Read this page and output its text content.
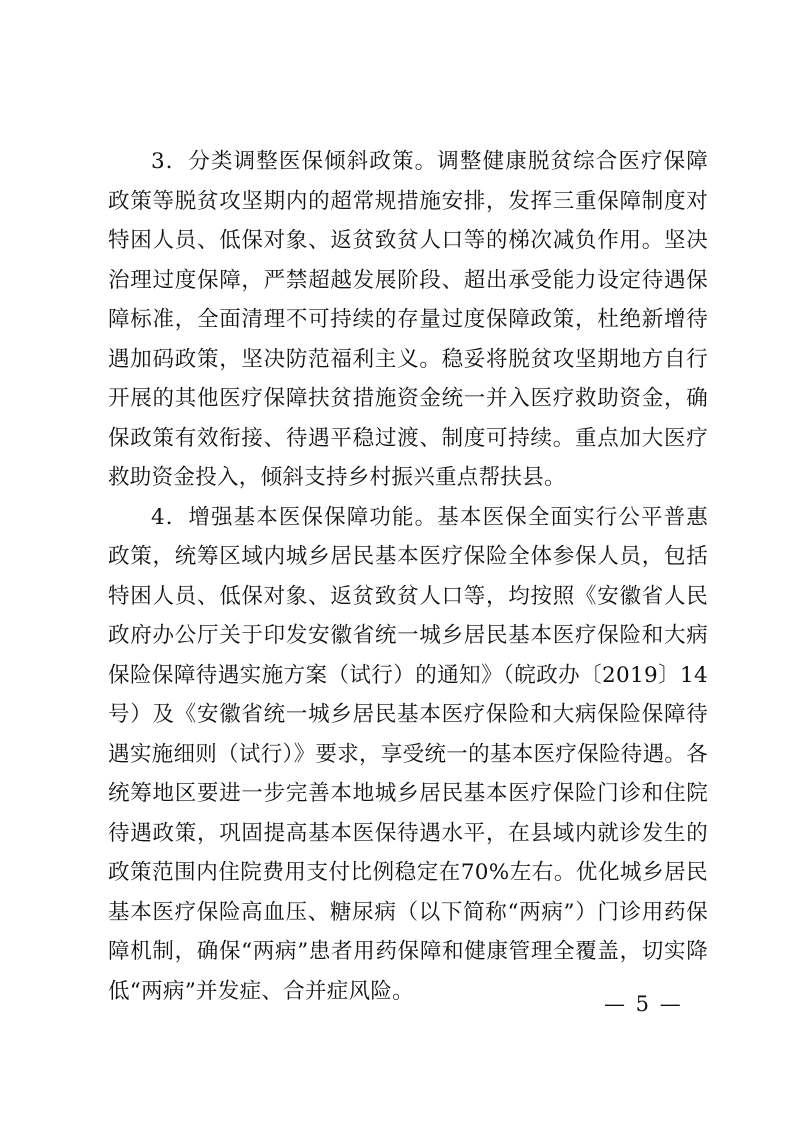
3．分类调整医保倾斜政策。调整健康脱贫综合医疗保障政策等脱贫攻坚期内的超常规措施安排，发挥三重保障制度对特困人员、低保对象、返贫致贫人口等的梯次减负作用。坚决治理过度保障，严禁超越发展阶段、超出承受能力设定待遇保障标准，全面清理不可持续的存量过度保障政策，杜绝新增待遇加码政策，坚决防范福利主义。稳妥将脱贫攻坚期地方自行开展的其他医疗保障扶贫措施资金统一并入医疗救助资金，确保政策有效衔接、待遇平稳过渡、制度可持续。重点加大医疗救助资金投入，倾斜支持乡村振兴重点帮扶县。

4．增强基本医保保障功能。基本医保全面实行公平普惠政策，统筹区域内城乡居民基本医疗保险全体参保人员，包括特困人员、低保对象、返贫致贫人口等，均按照《安徽省人民政府办公厅关于印发安徽省统一城乡居民基本医疗保险和大病保险保障待遇实施方案（试行）的通知》（皖政办〔2019〕14号）及《安徽省统一城乡居民基本医疗保险和大病保险保障待遇实施细则（试行）》要求，享受统一的基本医疗保险待遇。各统筹地区要进一步完善本地城乡居民基本医疗保险门诊和住院待遇政策，巩固提高基本医保待遇水平，在县域内就诊发生的政策范围内住院费用支付比例稳定在70%左右。优化城乡居民基本医疗保险高血压、糖尿病（以下简称“两病”）门诊用药保障机制，确保“两病”患者用药保障和健康管理全覆盖，切实降低“两病”并发症、合并症风险。

— 5 —
